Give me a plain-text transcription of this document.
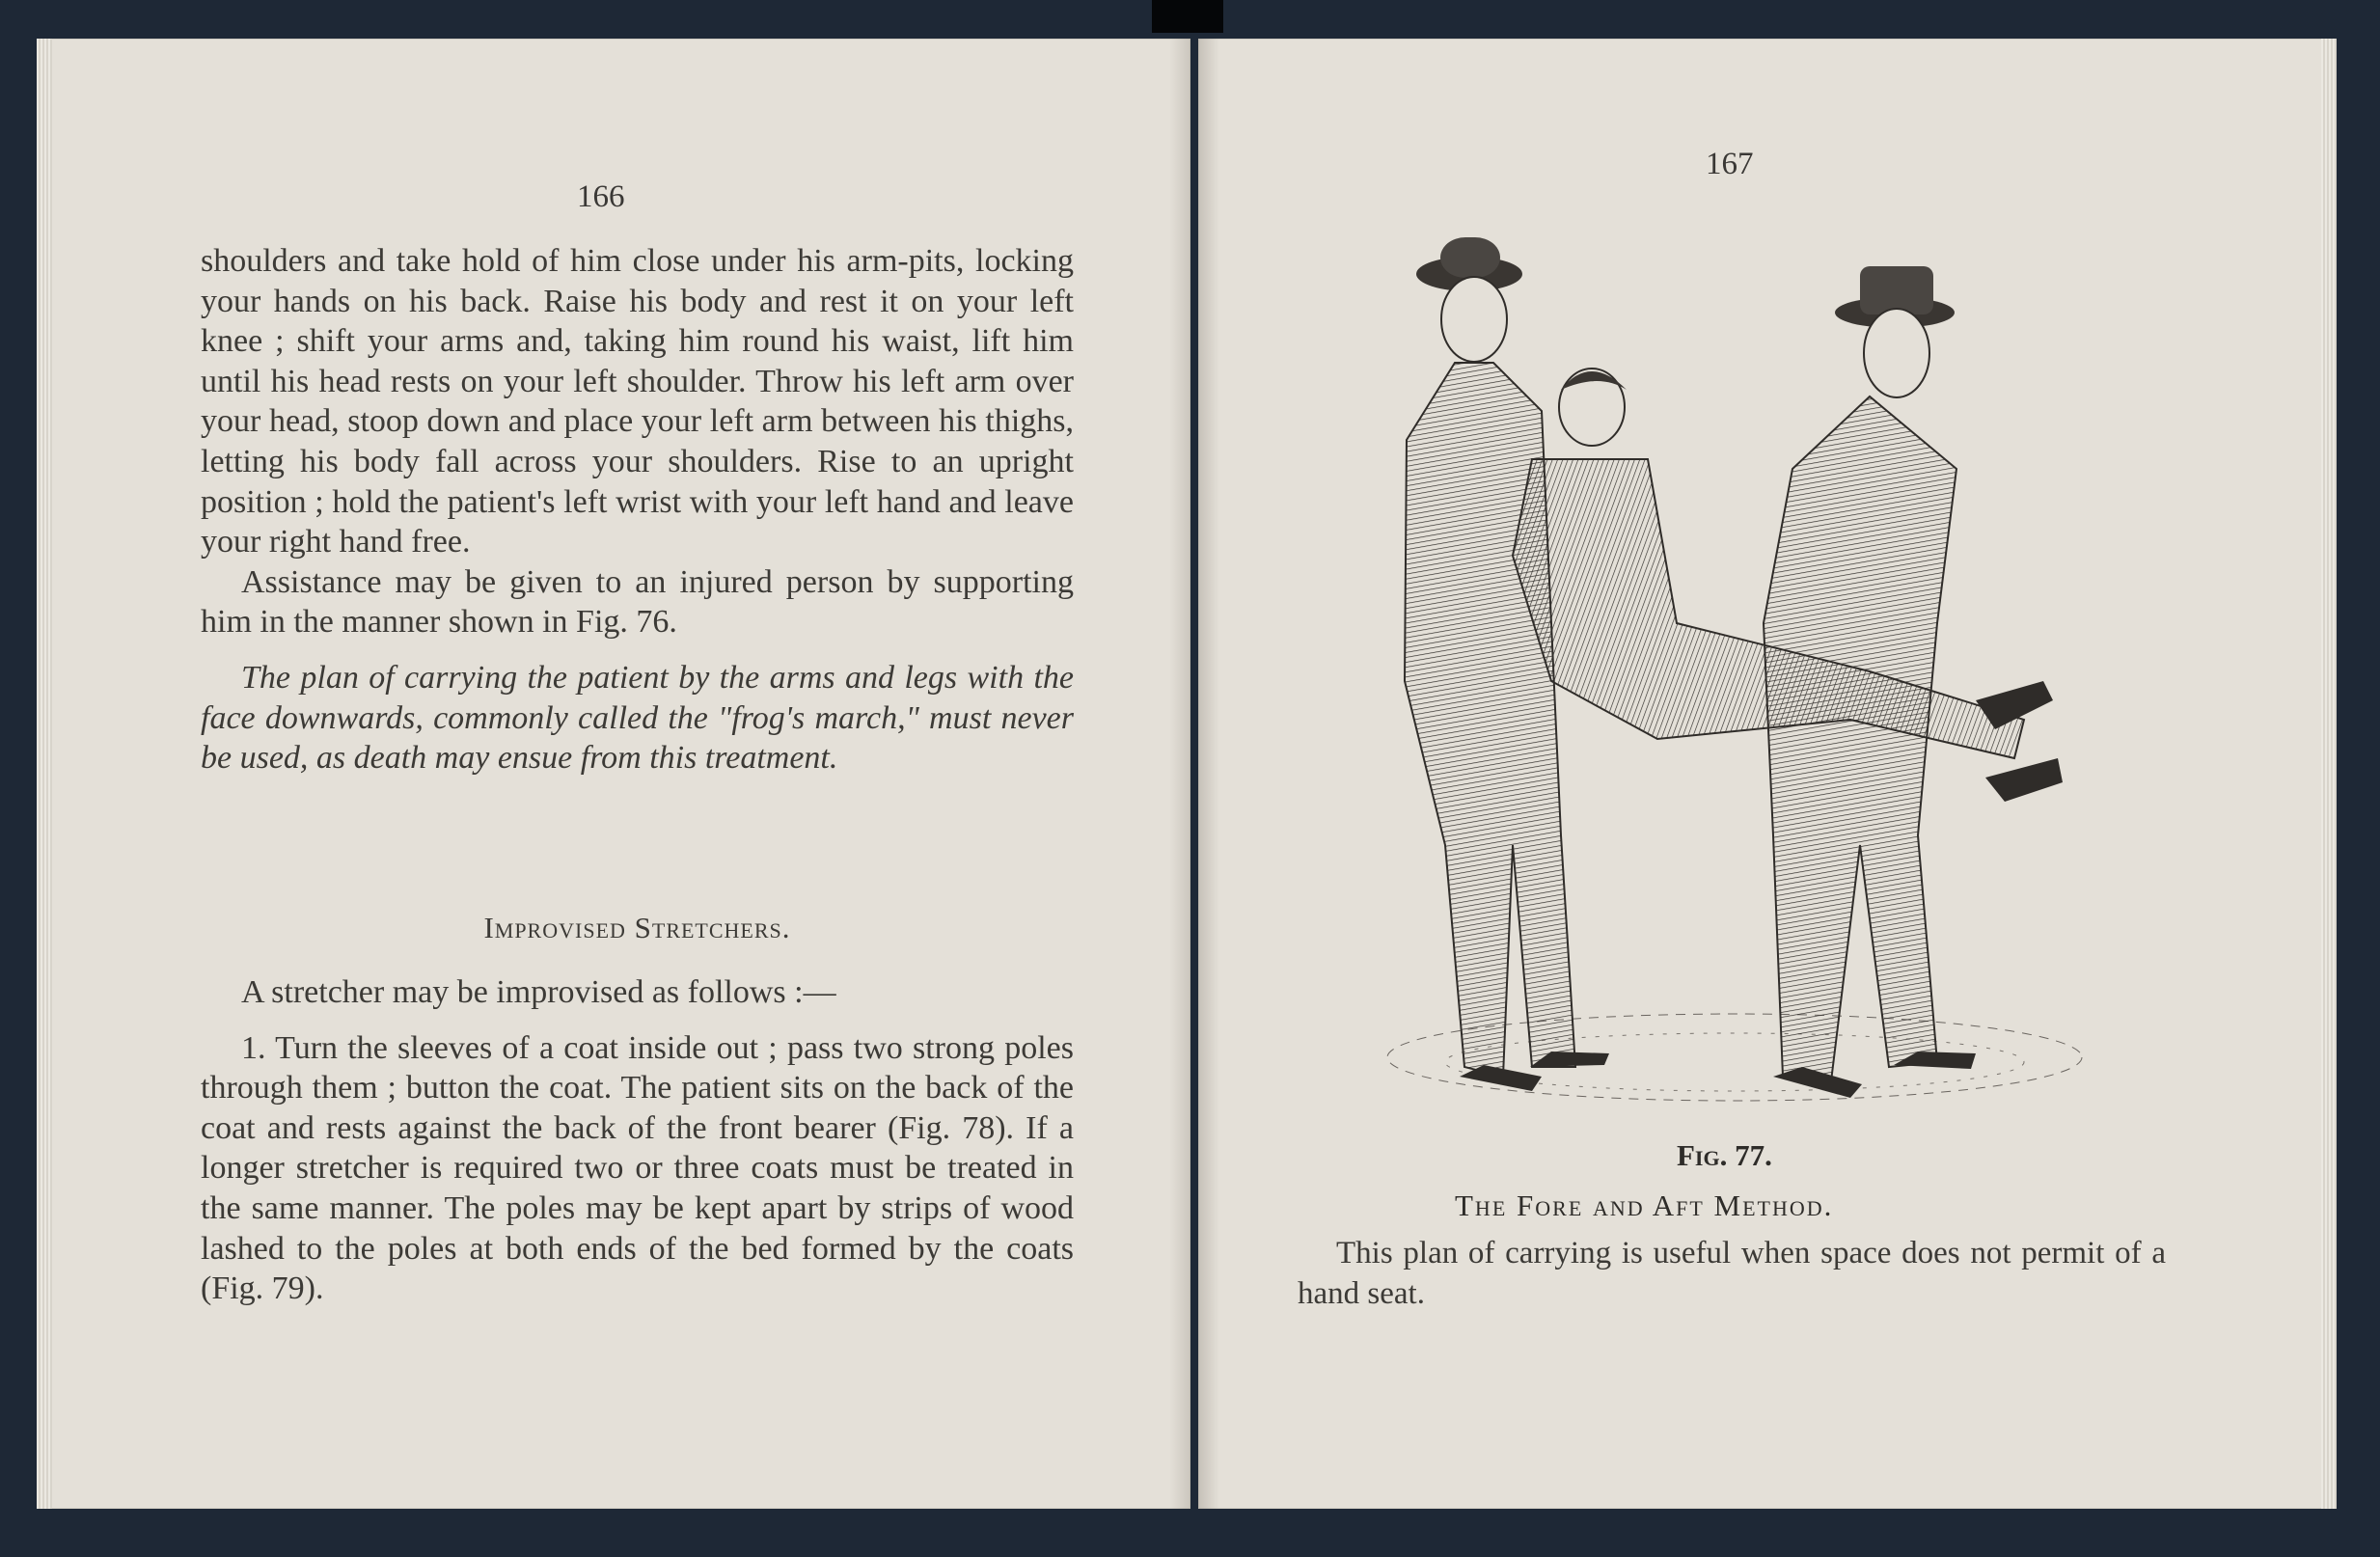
166

shoulders and take hold of him close under his arm-pits, locking your hands on his back. Raise his body and rest it on your left knee ; shift your arms and, taking him round his waist, lift him until his head rests on your left shoulder. Throw his left arm over your head, stoop down and place your left arm between his thighs, letting his body fall across your shoulders. Rise to an upright position ; hold the patient's left wrist with your left hand and leave your right hand free.

Assistance may be given to an injured person by supporting him in the manner shown in Fig. 76.

The plan of carrying the patient by the arms and legs with the face downwards, commonly called the "frog's march," must never be used, as death may ensue from this treatment.

Improvised Stretchers.

A stretcher may be improvised as follows :—

1. Turn the sleeves of a coat inside out ; pass two strong poles through them ; button the coat. The patient sits on the back of the coat and rests against the back of the front bearer (Fig. 78). If a longer stretcher is required two or three coats must be treated in the same manner. The poles may be kept apart by strips of wood lashed to the poles at both ends of the bed formed by the coats (Fig. 79).

167
Fig. 77.
The Fore and Aft Method.

This plan of carrying is useful when space does not permit of a hand seat.
